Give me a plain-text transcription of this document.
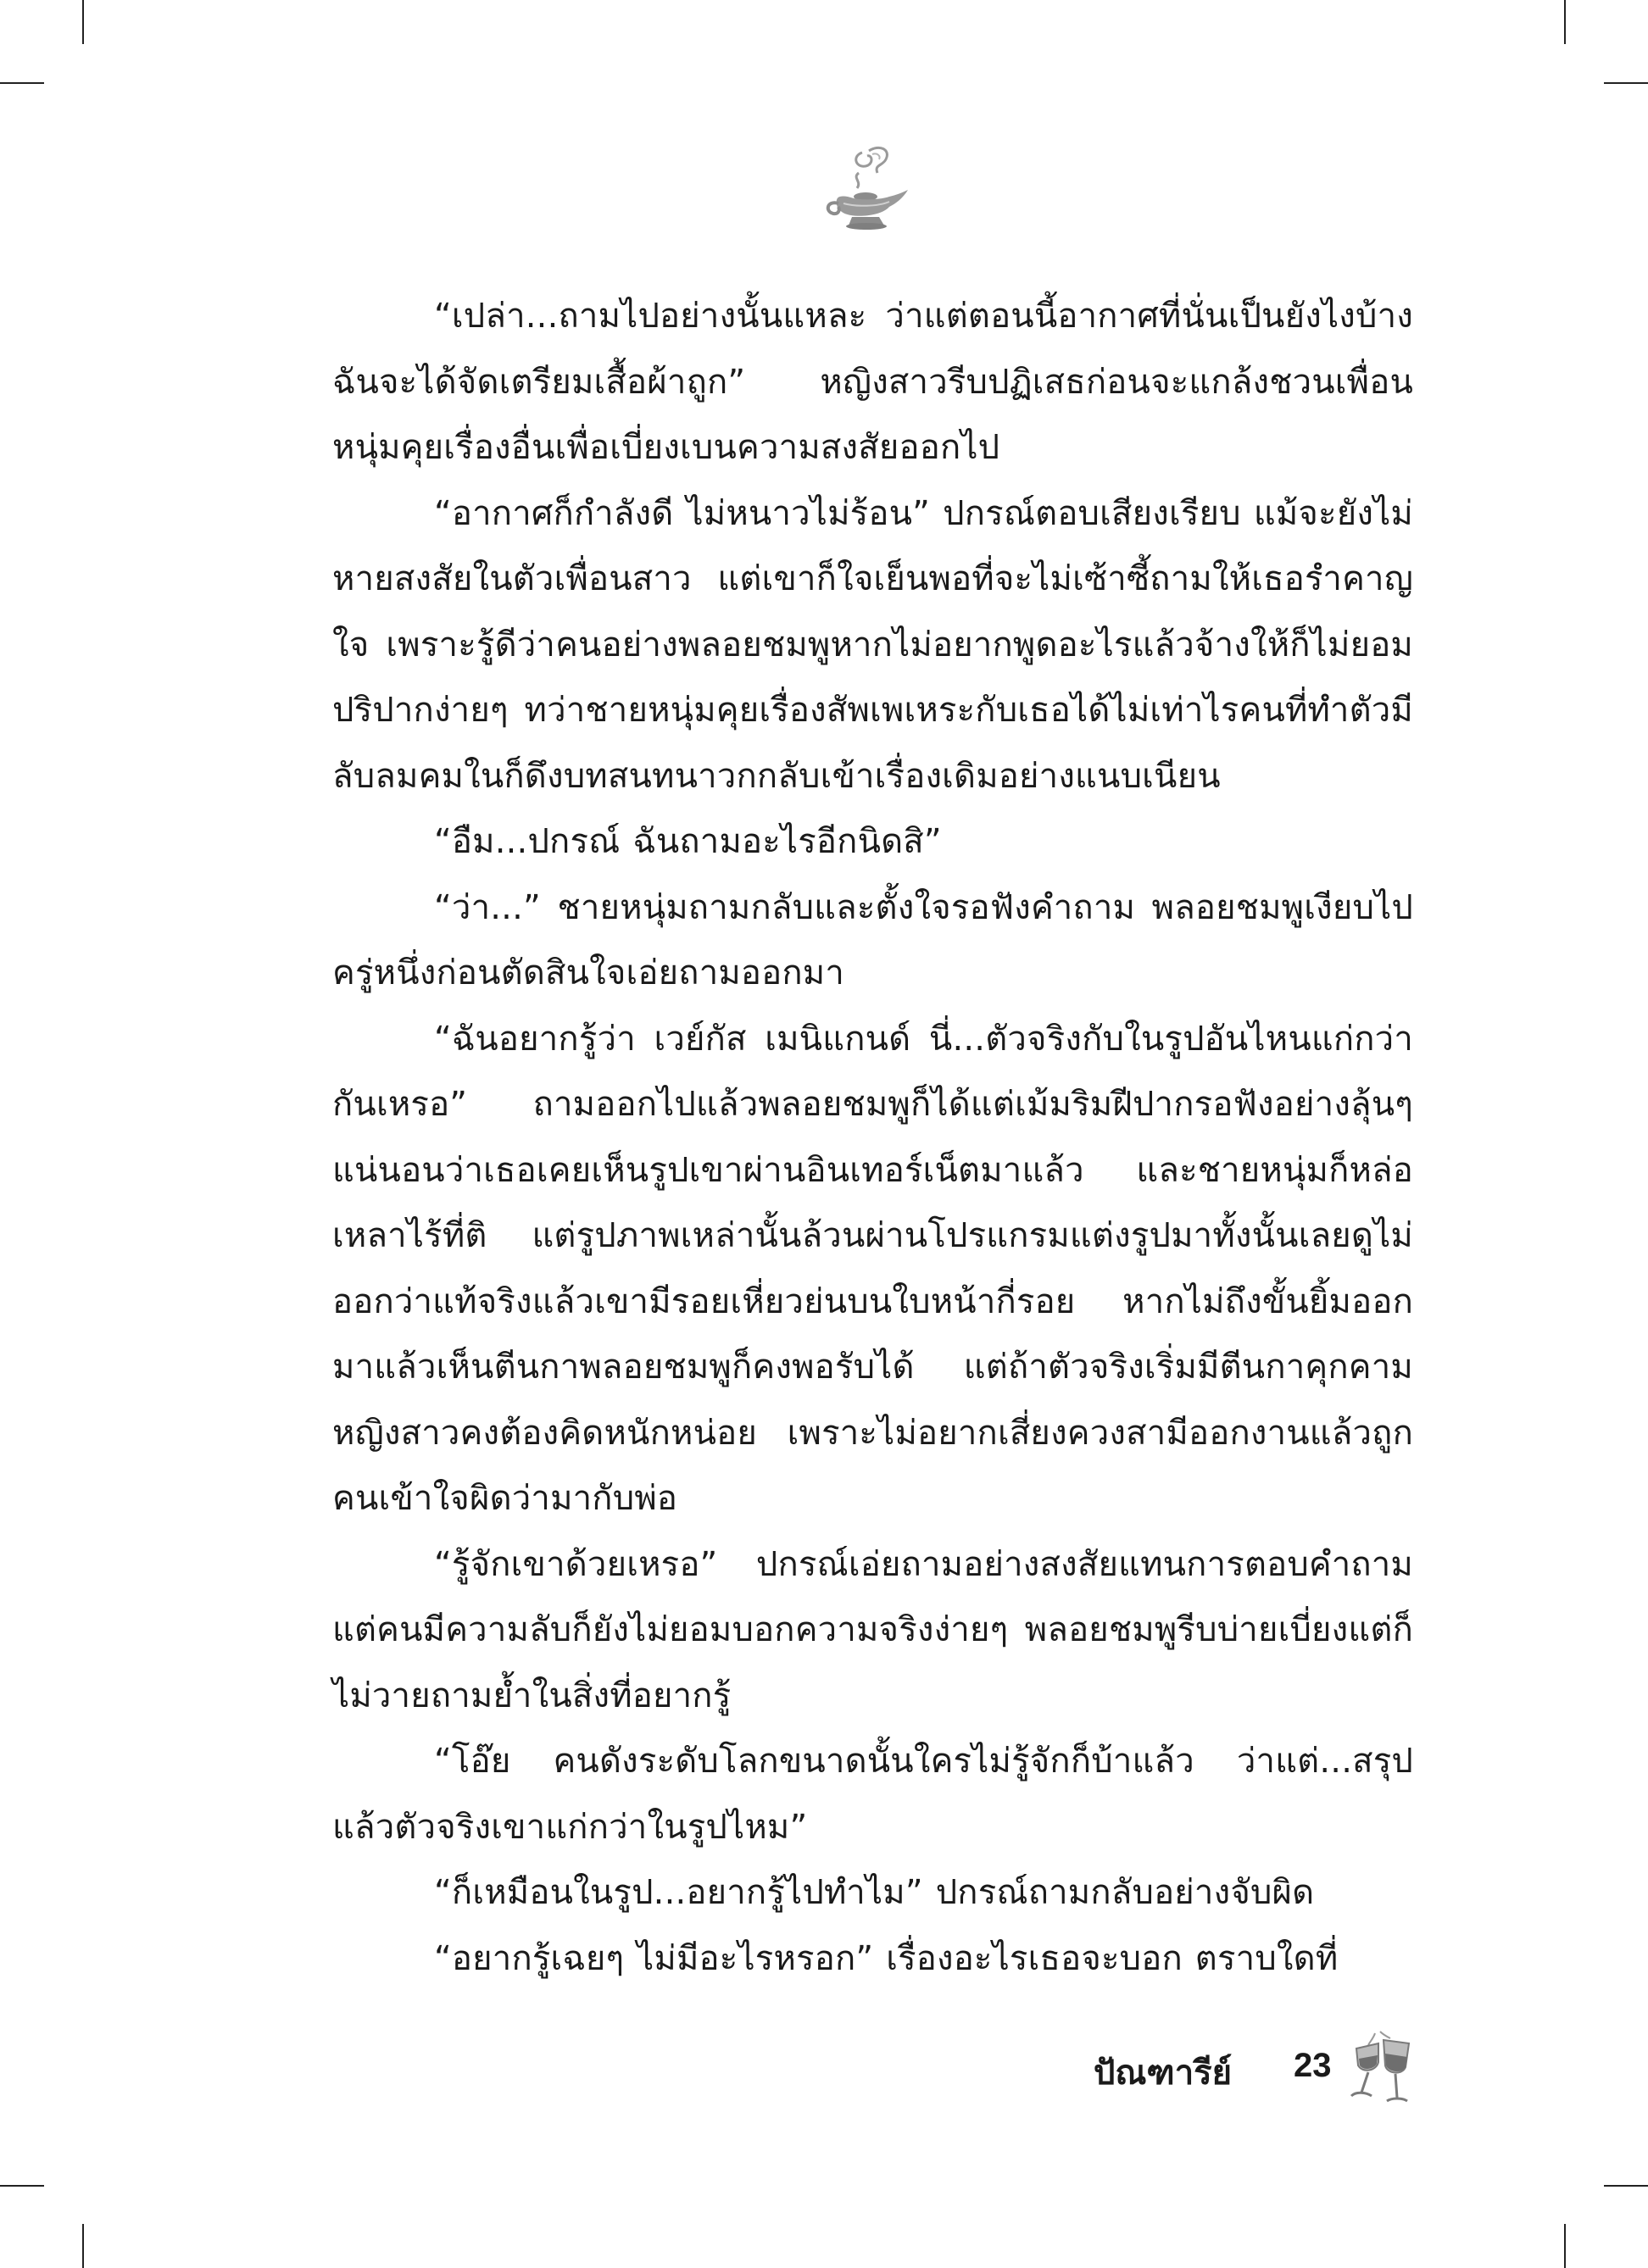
“เปล่า...ถามไปอย่างนั้นแหละ ว่าแต่ตอนนี้อากาศที่นั่นเป็นยังไงบ้าง ฉันจะได้จัดเตรียมเสื้อผ้าถูก” หญิงสาวรีบปฏิเสธก่อนจะแกล้งชวนเพื่อนหนุ่มคุยเรื่องอื่นเพื่อเบี่ยงเบนความสงสัยออกไป

“อากาศก็กำลังดี ไม่หนาวไม่ร้อน” ปกรณ์ตอบเสียงเรียบ แม้จะยังไม่หายสงสัยในตัวเพื่อนสาว แต่เขาก็ใจเย็นพอที่จะไม่เซ้าซี้ถามให้เธอรำคาญใจ เพราะรู้ดีว่าคนอย่างพลอยชมพูหากไม่อยากพูดอะไรแล้วจ้างให้ก็ไม่ยอมปริปากง่ายๆ ทว่าชายหนุ่มคุยเรื่องสัพเพเหระกับเธอได้ไม่เท่าไรคนที่ทำตัวมีลับลมคมในก็ดึงบทสนทนาวกกลับเข้าเรื่องเดิมอย่างแนบเนียน

“อืม...ปกรณ์ ฉันถามอะไรอีกนิดสิ”

“ว่า...” ชายหนุ่มถามกลับและตั้งใจรอฟังคำถาม พลอยชมพูเงียบไปครู่หนึ่งก่อนตัดสินใจเอ่ยถามออกมา

“ฉันอยากรู้ว่า เวย์กัส เมนิแกนด์ นี่...ตัวจริงกับในรูปอันไหนแก่กว่ากันเหรอ” ถามออกไปแล้วพลอยชมพูก็ได้แต่เม้มริมฝีปากรอฟังอย่างลุ้นๆ แน่นอนว่าเธอเคยเห็นรูปเขาผ่านอินเทอร์เน็ตมาแล้ว และชายหนุ่มก็หล่อเหลาไร้ที่ติ แต่รูปภาพเหล่านั้นล้วนผ่านโปรแกรมแต่งรูปมาทั้งนั้นเลยดูไม่ออกว่าแท้จริงแล้วเขามีรอยเหี่ยวย่นบนใบหน้ากี่รอย หากไม่ถึงขั้นยิ้มออกมาแล้วเห็นตีนกาพลอยชมพูก็คงพอรับได้ แต่ถ้าตัวจริงเริ่มมีตีนกาคุกคาม หญิงสาวคงต้องคิดหนักหน่อย เพราะไม่อยากเสี่ยงควงสามีออกงานแล้วถูกคนเข้าใจผิดว่ามากับพ่อ

“รู้จักเขาด้วยเหรอ” ปกรณ์เอ่ยถามอย่างสงสัยแทนการตอบคำถาม แต่คนมีความลับก็ยังไม่ยอมบอกความจริงง่ายๆ พลอยชมพูรีบบ่ายเบี่ยงแต่ก็ไม่วายถามย้ำในสิ่งที่อยากรู้

“โอ๊ย คนดังระดับโลกขนาดนั้นใครไม่รู้จักก็บ้าแล้ว ว่าแต่...สรุปแล้วตัวจริงเขาแก่กว่าในรูปไหม”

“ก็เหมือนในรูป...อยากรู้ไปทำไม” ปกรณ์ถามกลับอย่างจับผิด

“อยากรู้เฉยๆ ไม่มีอะไรหรอก” เรื่องอะไรเธอจะบอก ตราบใดที่

ปัณฑารีย์ 23
